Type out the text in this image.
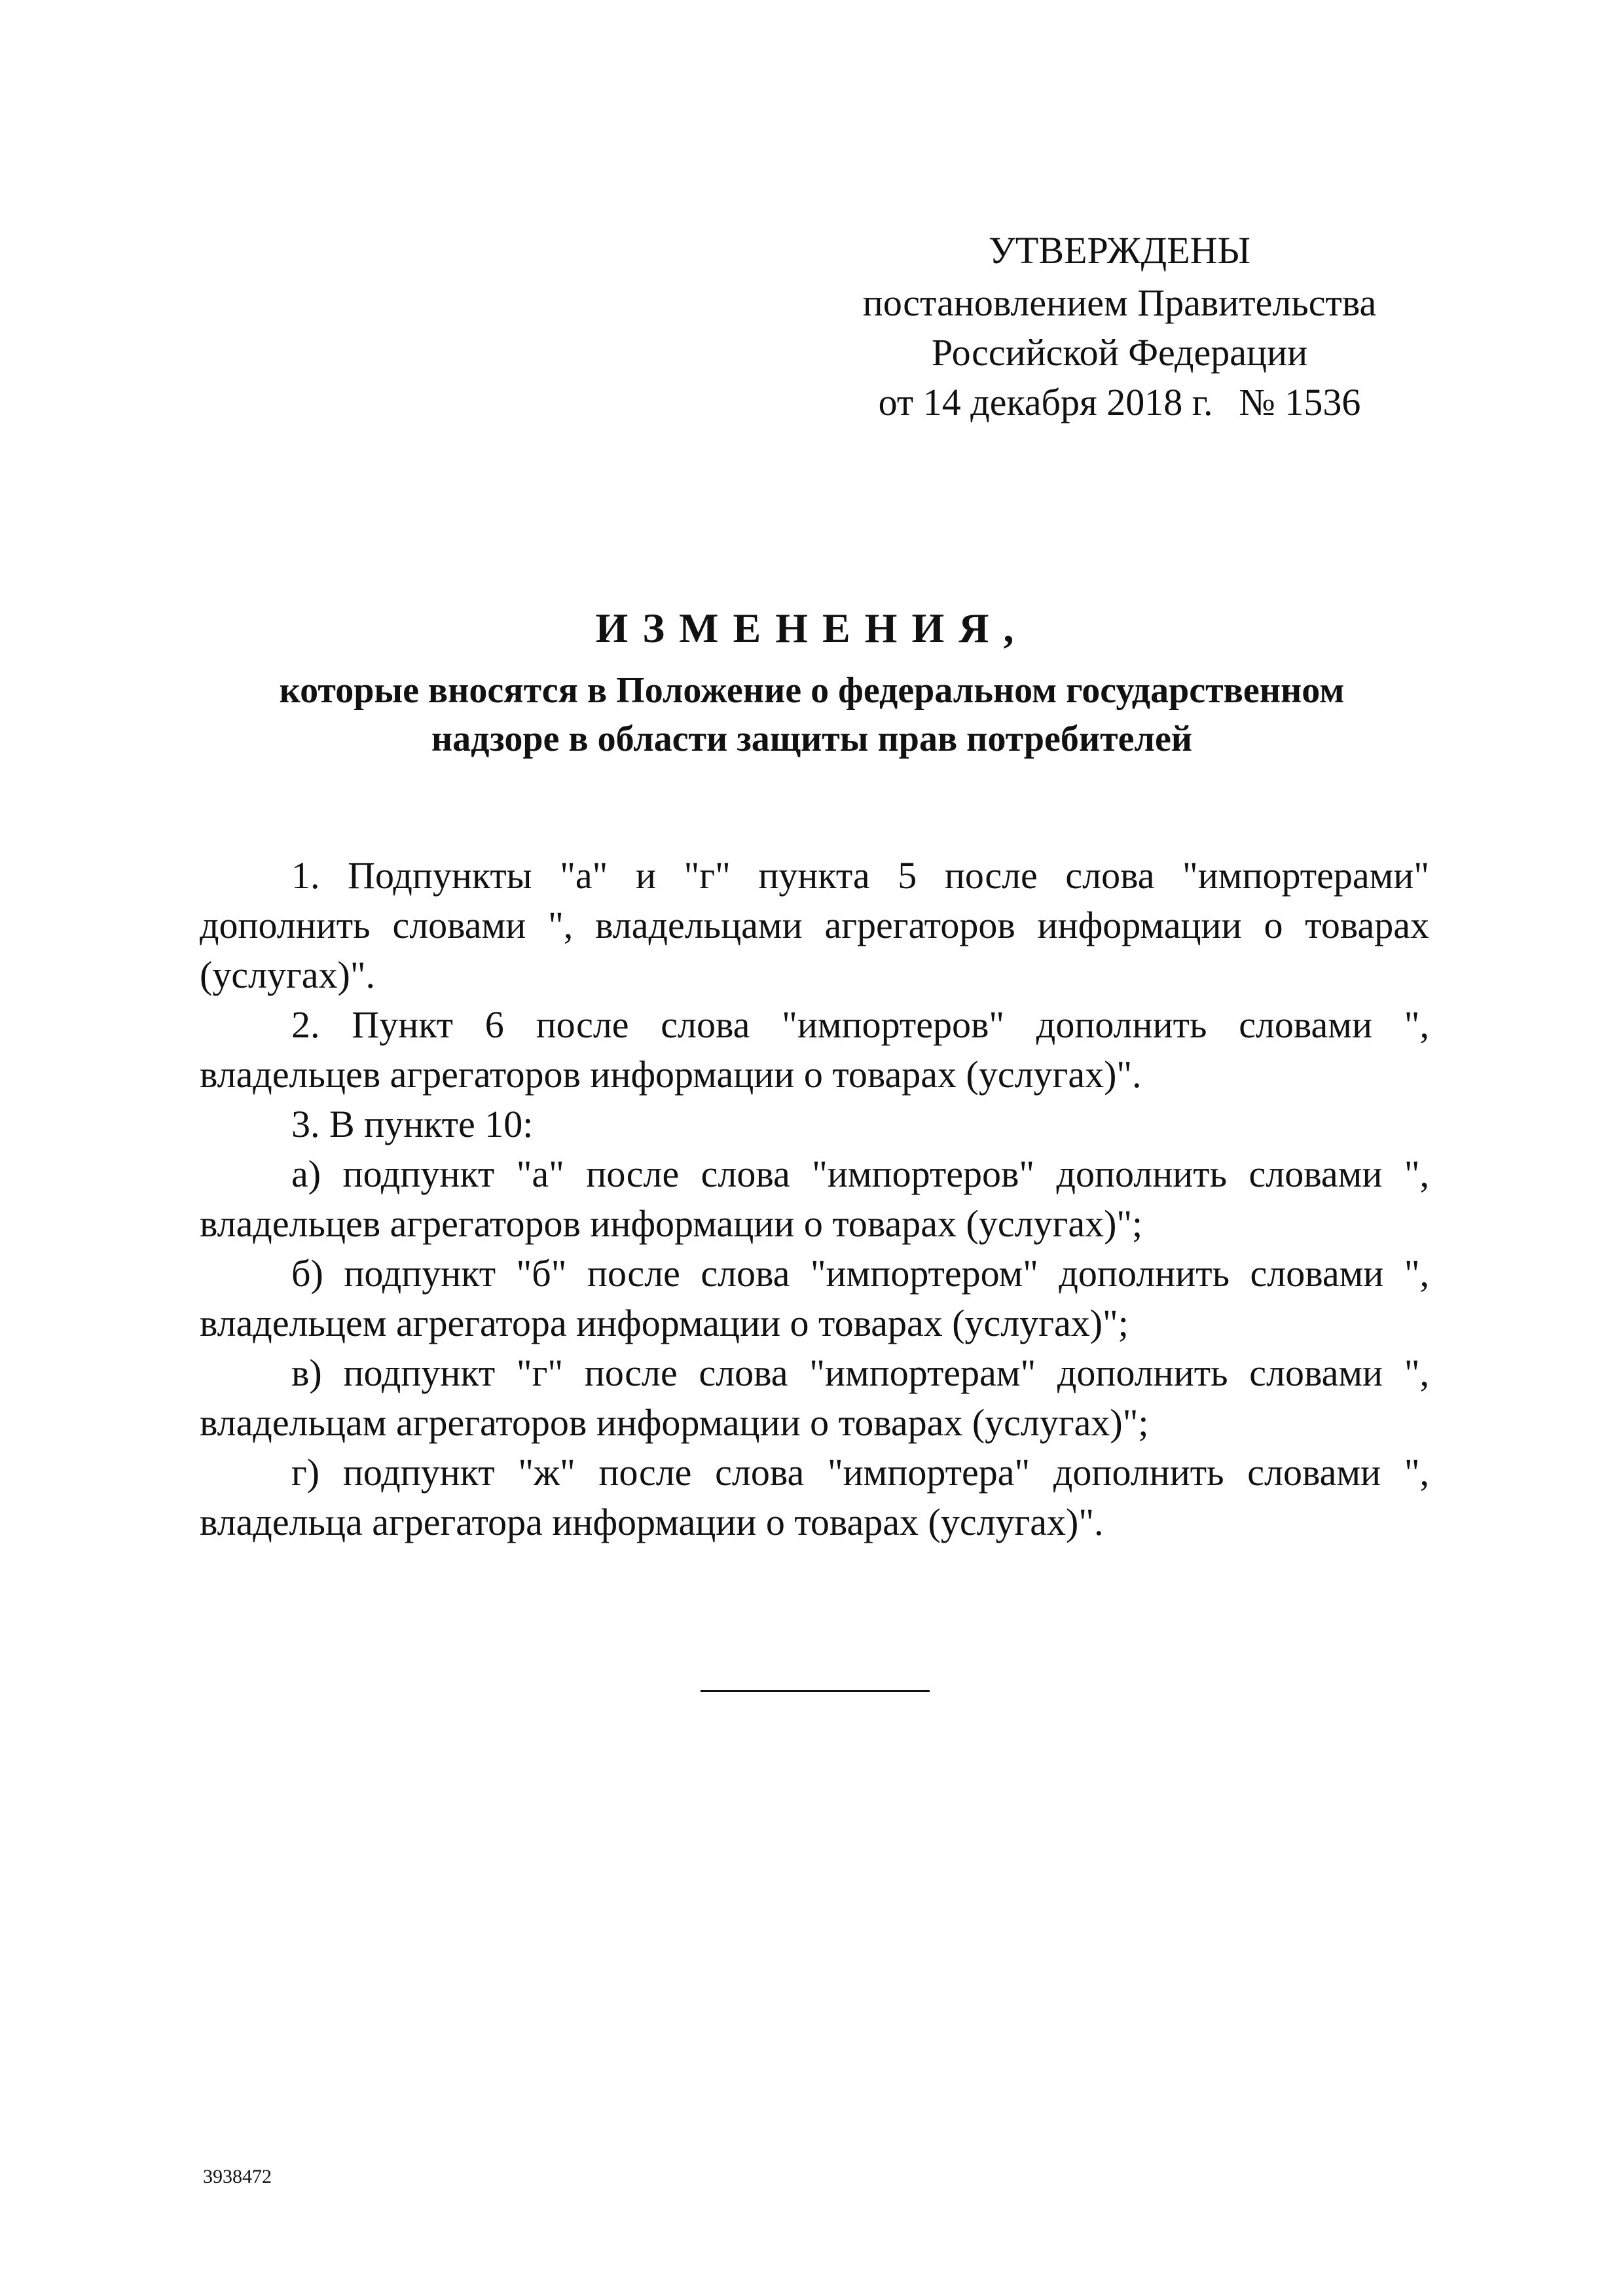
УТВЕРЖДЕНЫ
постановлением Правительства
Российской Федерации
от 14 декабря 2018 г. № 1536
ИЗМЕНЕНИЯ,
которые вносятся в Положение о федеральном государственном
надзоре в области защиты прав потребителей

1. Подпункты "а" и "г" пункта 5 после слова "импортерами" дополнить словами ", владельцами агрегаторов информации о товарах (услугах)".

2. Пункт 6 после слова "импортеров" дополнить словами ", владельцев агрегаторов информации о товарах (услугах)".

3. В пункте 10:

а) подпункт "а" после слова "импортеров" дополнить словами ", владельцев агрегаторов информации о товарах (услугах)";

б) подпункт "б" после слова "импортером" дополнить словами ", владельцем агрегатора информации о товарах (услугах)";

в) подпункт "г" после слова "импортерам" дополнить словами ", владельцам агрегаторов информации о товарах (услугах)";

г) подпункт "ж" после слова "импортера" дополнить словами ", владельца агрегатора информации о товарах (услугах)".

3938472
